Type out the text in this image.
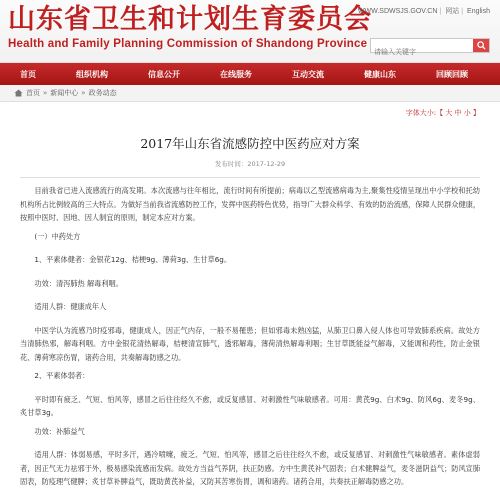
山东省卫生和计划生育委员会
Health and Family Planning Commission of Shandong Province
WWW.SDWSJS.GOV.CN | 网站 | English
请输入关键字
首页	组织机构	信息公开	在线服务	互动交流	健康山东	回顾回顾
首页 » 新闻中心 » 政务动态
字体大小:【 大 中 小 】
2017年山东省流感防控中医药应对方案
发布时间：2017-12-29

目前我省已进入流感流行的高发期。本次流感与往年相比，流行时间有所提前；病毒以乙型流感病毒为主,聚集性疫情呈现出中小学校和托幼机构所占比例较高的三大特点。为做好当前我省流感防控工作，发挥中医药特色优势，指导广大群众科学、有效的防治流感，保障人民群众健康，按照中医时、因地、因人制宜的原则，制定本应对方案。

(一）中药处方

1、平素体健者：金银花12g、桔梗9g、薄荷3g、生甘草6g。

功效：清泻肺热 解毒利咽。

适用人群：健康成年人

中医学认为流感乃时疫邪毒，健康成人，因正气内存，一般不易罹患；但如邪毒未熟凶猛，从肺卫口鼻入侵人体也可导致肺系疾病。故处方当清肺热邪，解毒利咽。方中金银花清热解毒，桔梗清宣肺气，透邪解毒，薄荷清热解毒利咽；生甘草既能益气解毒，又能调和药性，防止金银花、薄荷寒凉伤胃，诸药合用，共奏解毒防感之功。

2、平素体弱者：

平时即有疲乏、气短、怕风等，感冒之后往往经久不愈，或反复感冒、对刺激性气味敏感者。可用：黄芪9g、白术9g、防风6g、麦冬9g、炙甘草3g。

功效：补肺益气

适用人群：体弱易感，平时多汗，遇冷喷嚏，疲乏、气短、怕风等，感冒之后往往经久不愈，或反复感冒、对刺激性气味敏感者。素体虚弱者，因正气无力祛邪于外，极易感染流感而发病。故处方当益气养阴，扶正防感。方中生黄芪补气固表；白术健脾益气，麦冬滋阴益气；防风宣肺固表，防疫理气健脾；炙甘草补脾益气，既助黄芪补益，又防其苦寒伤胃，调和诸药。诸药合用，共奏扶正解毒防感之功。
